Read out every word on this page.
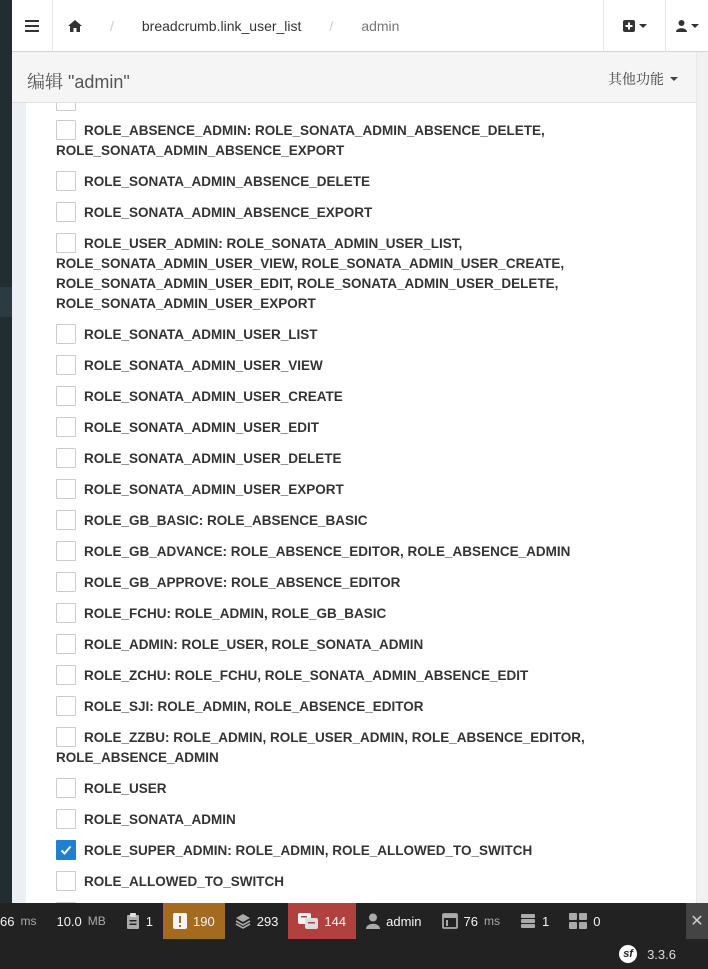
/ breadcrumb.link_user_list / admin
编辑 "admin"	其他功能
ROLE_ABSENCE_ADMIN: ROLE_SONATA_ADMIN_ABSENCE_DELETE, ROLE_SONATA_ADMIN_ABSENCE_EXPORT
ROLE_SONATA_ADMIN_ABSENCE_DELETE
ROLE_SONATA_ADMIN_ABSENCE_EXPORT
ROLE_USER_ADMIN: ROLE_SONATA_ADMIN_USER_LIST, ROLE_SONATA_ADMIN_USER_VIEW, ROLE_SONATA_ADMIN_USER_CREATE, ROLE_SONATA_ADMIN_USER_EDIT, ROLE_SONATA_ADMIN_USER_DELETE, ROLE_SONATA_ADMIN_USER_EXPORT
ROLE_SONATA_ADMIN_USER_LIST
ROLE_SONATA_ADMIN_USER_VIEW
ROLE_SONATA_ADMIN_USER_CREATE
ROLE_SONATA_ADMIN_USER_EDIT
ROLE_SONATA_ADMIN_USER_DELETE
ROLE_SONATA_ADMIN_USER_EXPORT
ROLE_GB_BASIC: ROLE_ABSENCE_BASIC
ROLE_GB_ADVANCE: ROLE_ABSENCE_EDITOR, ROLE_ABSENCE_ADMIN
ROLE_GB_APPROVE: ROLE_ABSENCE_EDITOR
ROLE_FCHU: ROLE_ADMIN, ROLE_GB_BASIC
ROLE_ADMIN: ROLE_USER, ROLE_SONATA_ADMIN
ROLE_ZCHU: ROLE_FCHU, ROLE_SONATA_ADMIN_ABSENCE_EDIT
ROLE_SJI: ROLE_ADMIN, ROLE_ABSENCE_EDITOR
ROLE_ZZBU: ROLE_ADMIN, ROLE_USER_ADMIN, ROLE_ABSENCE_EDITOR, ROLE_ABSENCE_ADMIN
ROLE_USER
ROLE_SONATA_ADMIN
ROLE_SUPER_ADMIN: ROLE_ADMIN, ROLE_ALLOWED_TO_SWITCH
ROLE_ALLOWED_TO_SWITCH
66 ms 10.0 MB	1	190	293	144	admin	76 ms	1	0	✕
sf	3.3.6
